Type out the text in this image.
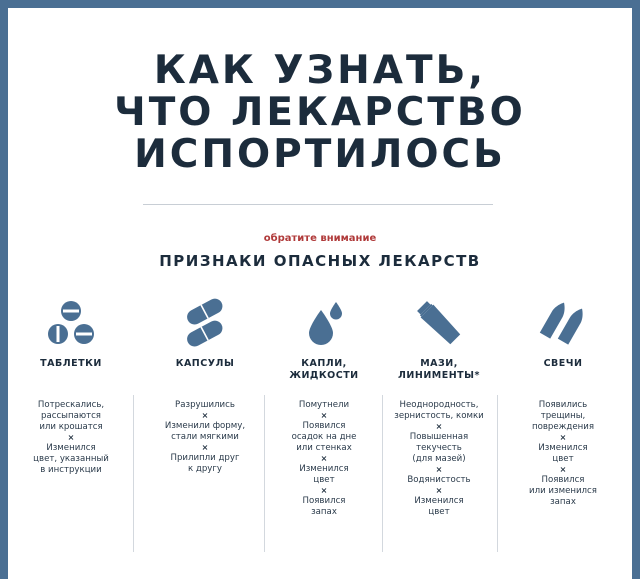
КАК УЗНАТЬ,
ЧТО ЛЕКАРСТВО
ИСПОРТИЛОСЬ
обратите внимание
ПРИЗНАКИ ОПАСНЫХ ЛЕКАРСТВ
ТАБЛЕТКИ
Потрескались,
рассыпаются
или крошатся
×
Изменился
цвет, указанный
в инструкции
КАПСУЛЫ
Разрушились
×
Изменили форму,
стали мягкими
×
Прилипли друг
к другу
КАПЛИ,
ЖИДКОСТИ
Помутнели
×
Появился
осадок на дне
или стенках
×
Изменился
цвет
×
Появился
запах
МАЗИ,
ЛИНИМЕНТЫ*
Неоднородность,
зернистость, комки
×
Повышенная
текучесть
(для мазей)
×
Водянистость
×
Изменился
цвет
СВЕЧИ
Появились
трещины,
повреждения
×
Изменился
цвет
×
Появился
или изменился
запах
